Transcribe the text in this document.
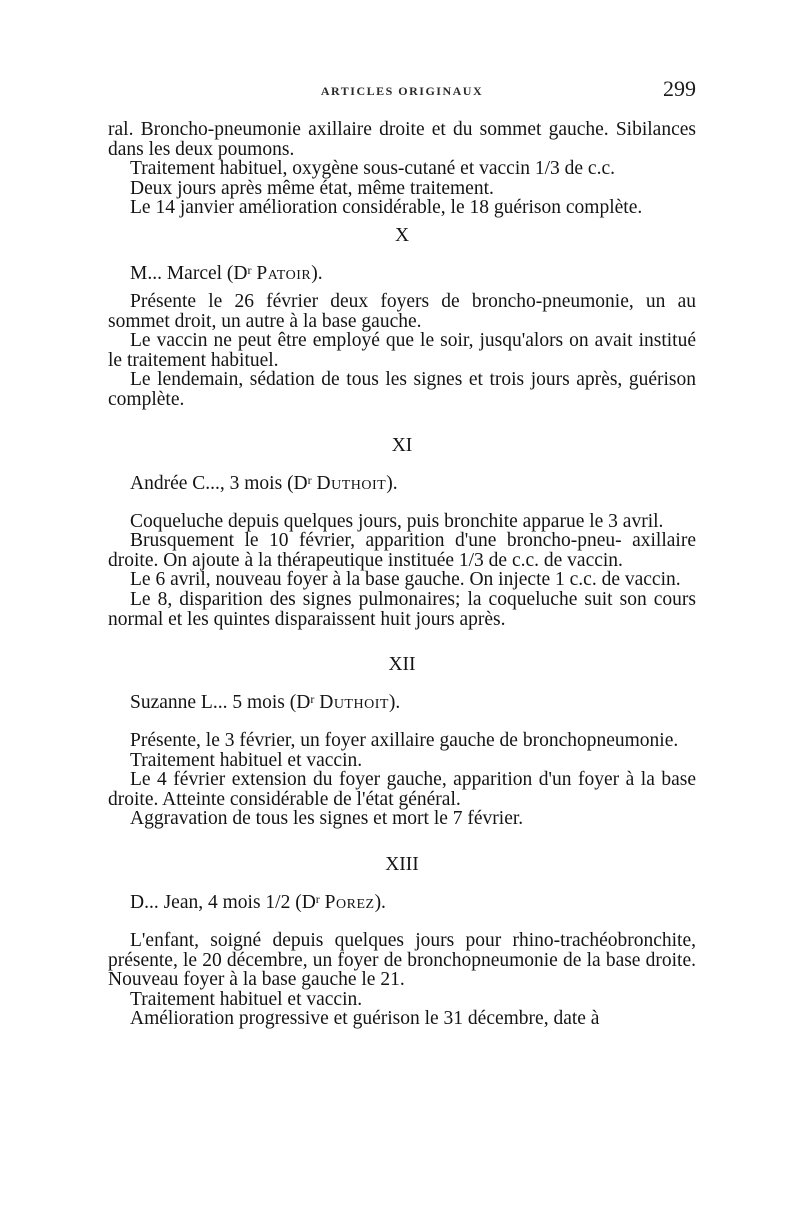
ARTICLES ORIGINAUX	299

ral. Broncho-pneumonie axillaire droite et du sommet gauche. Sibilances dans les deux poumons.

Traitement habituel, oxygène sous-cutané et vaccin 1/3 de c.c.

Deux jours après même état, même traitement.

Le 14 janvier amélioration considérable, le 18 guérison complète.

X
M... Marcel ($D^r$ Patoir).

Présente le 26 février deux foyers de broncho-pneumonie, un au sommet droit, un autre à la base gauche.

Le vaccin ne peut être employé que le soir, jusqu'alors on avait institué le traitement habituel.

Le lendemain, sédation de tous les signes et trois jours après, guérison complète.

XI
Andrée C..., 3 mois ($D^r$ Duthoit).

Coqueluche depuis quelques jours, puis bronchite apparue le 3 avril.

Brusquement le 10 février, apparition d'une broncho-pneu- axillaire droite. On ajoute à la thérapeutique instituée 1/3 de c.c. de vaccin.

Le 6 avril, nouveau foyer à la base gauche. On injecte 1 c.c. de vaccin.

Le 8, disparition des signes pulmonaires; la coqueluche suit son cours normal et les quintes disparaissent huit jours après.

XII
Suzanne L... 5 mois ($D^r$ Duthoit).

Présente, le 3 février, un foyer axillaire gauche de bronchopneumonie.

Traitement habituel et vaccin.

Le 4 février extension du foyer gauche, apparition d'un foyer à la base droite. Atteinte considérable de l'état général.

Aggravation de tous les signes et mort le 7 février.

XIII
D... Jean, 4 mois 1/2 ($D^r$ Porez).

L'enfant, soigné depuis quelques jours pour rhino-trachéobronchite, présente, le 20 décembre, un foyer de bronchopneumonie de la base droite. Nouveau foyer à la base gauche le 21.

Traitement habituel et vaccin.

Amélioration progressive et guérison le 31 décembre, date à
